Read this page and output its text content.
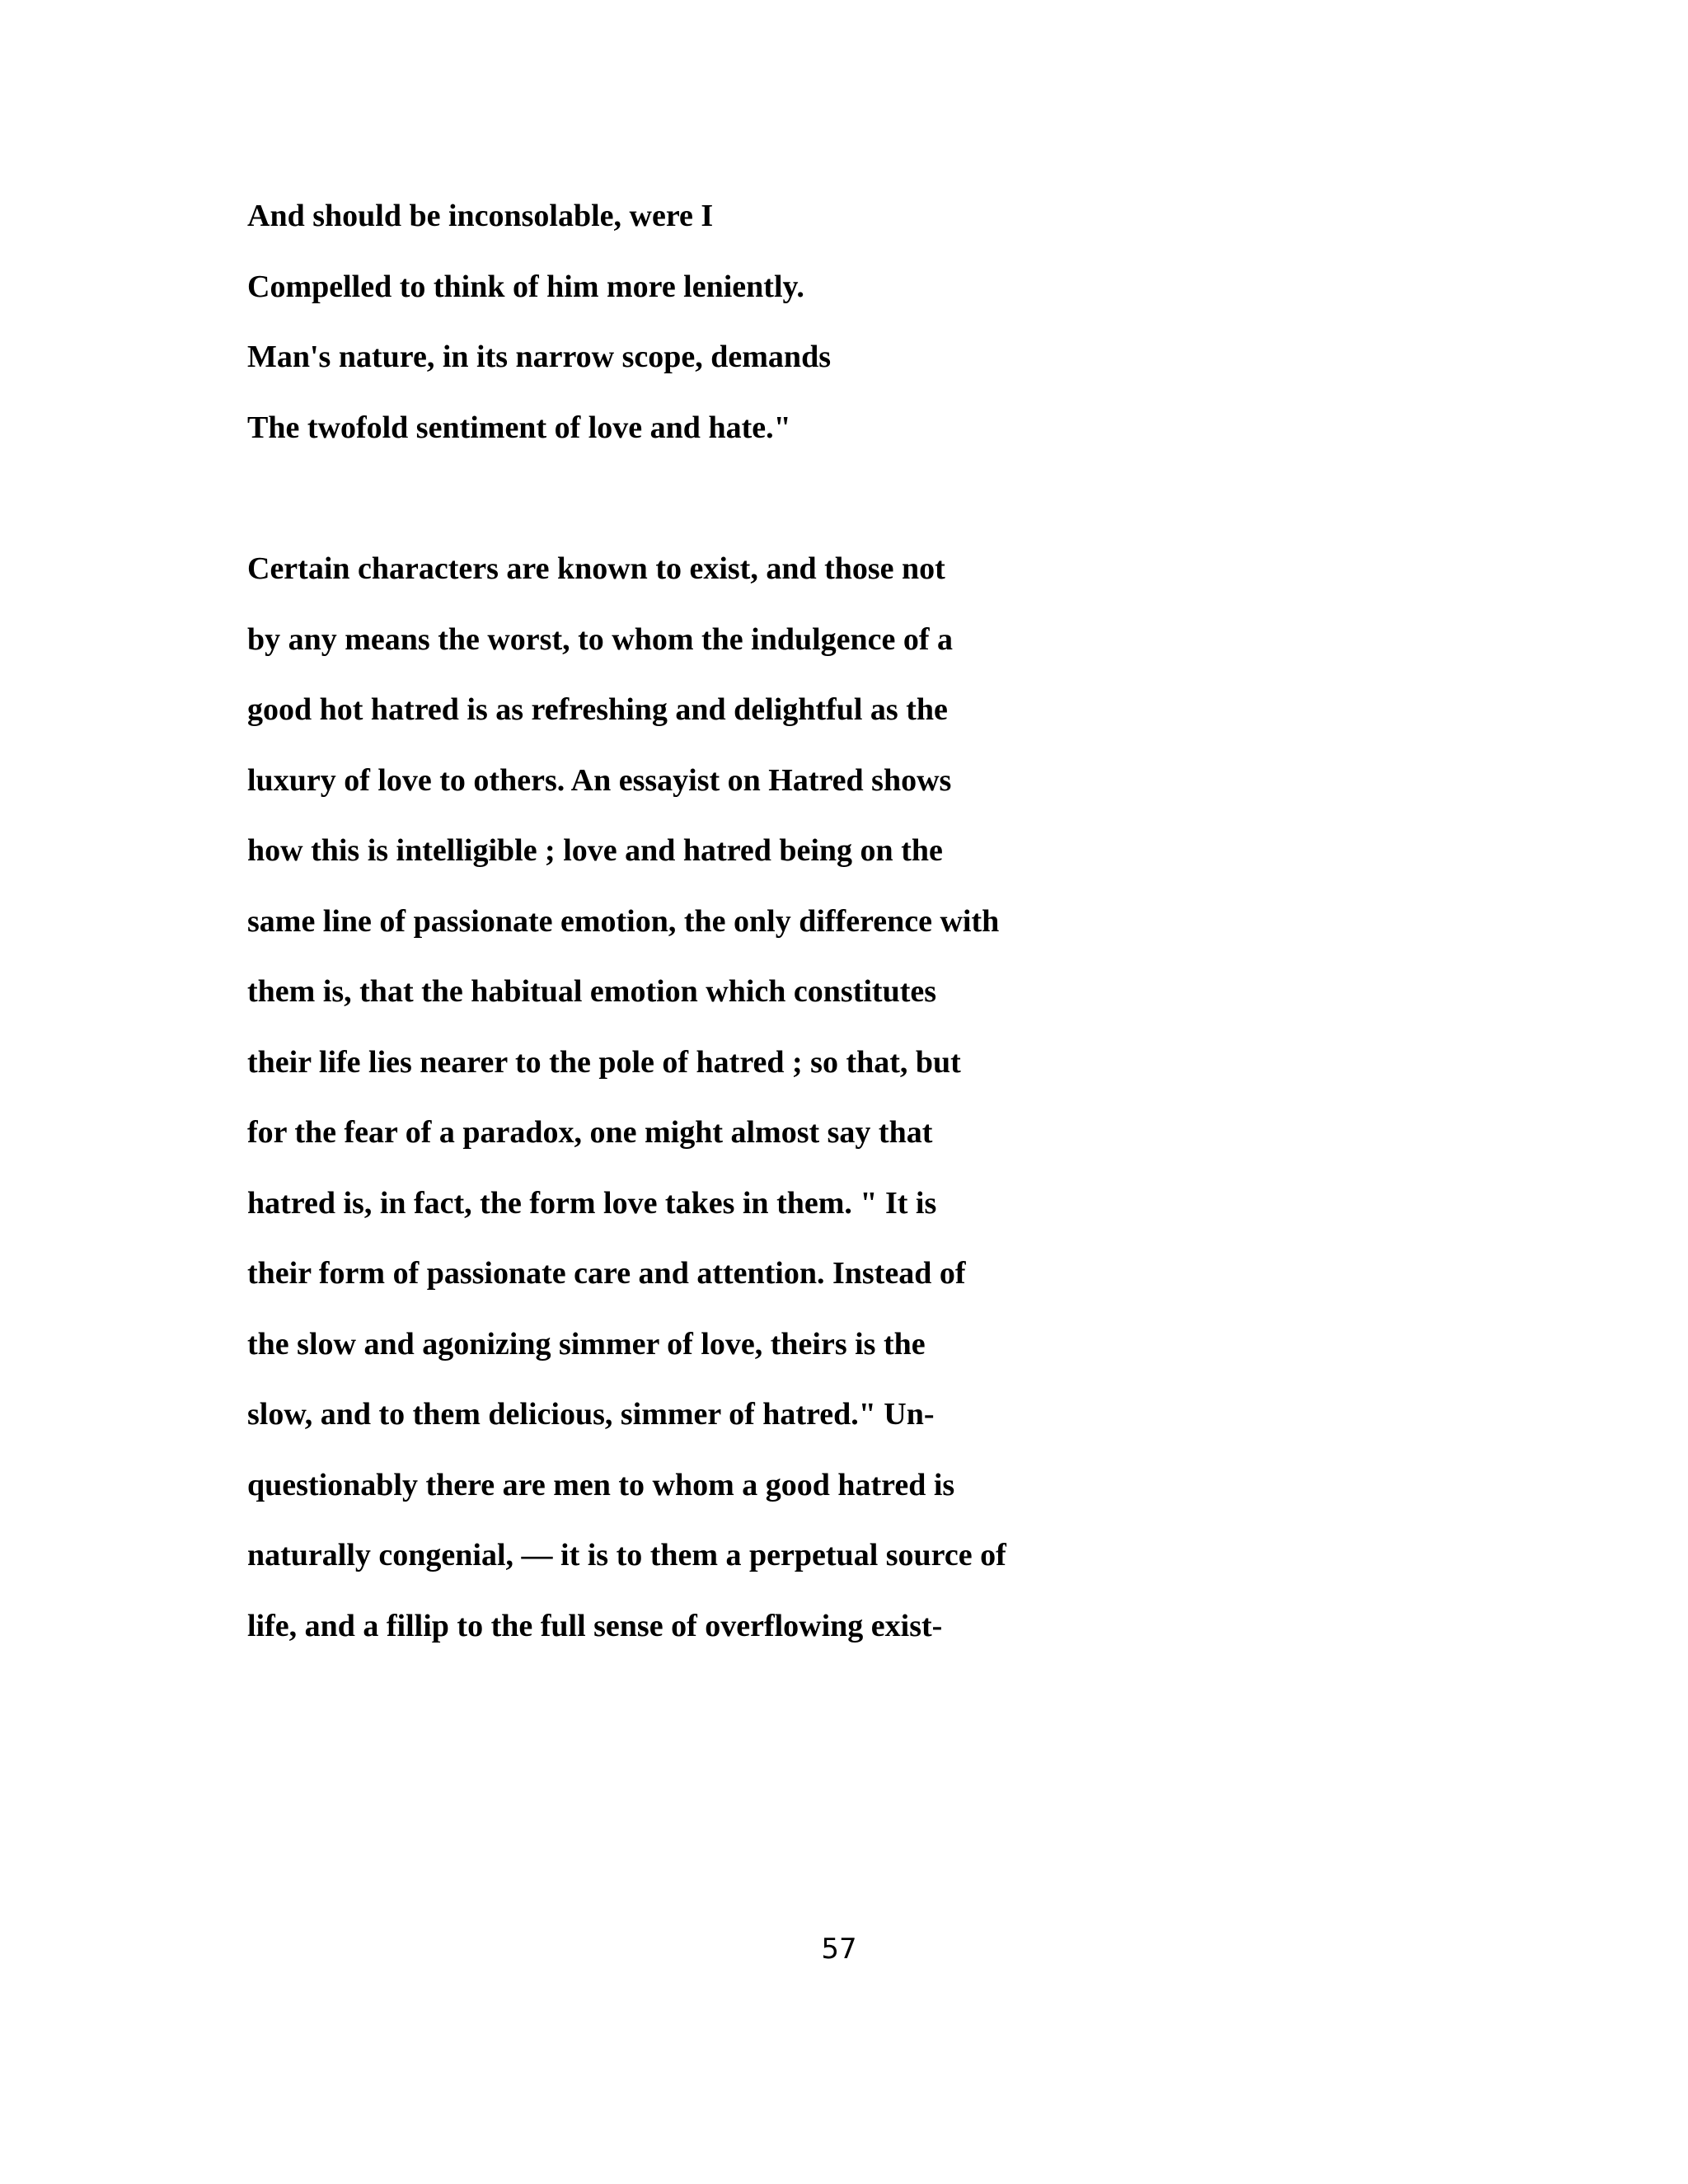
And should be inconsolable, were I
Compelled to think of him more leniently.
Man's nature, in its narrow scope, demands
The twofold sentiment of love and hate."
Certain characters are known to exist, and those not
by any means the worst, to whom the indulgence of a
good hot hatred is as refreshing and delightful as the
luxury of love to others. An essayist on Hatred shows
how this is intelligible ; love and hatred being on the
same line of passionate emotion, the only difference with
them is, that the habitual emotion which constitutes
their life lies nearer to the pole of hatred ; so that, but
for the fear of a paradox, one might almost say that
hatred is, in fact, the form love takes in them. " It is
their form of passionate care and attention. Instead of
the slow and agonizing simmer of love, theirs is the
slow, and to them delicious, simmer of hatred." Un-
questionably there are men to whom a good hatred is
naturally congenial, — it is to them a perpetual source of
life, and a fillip to the full sense of overflowing exist-
57
